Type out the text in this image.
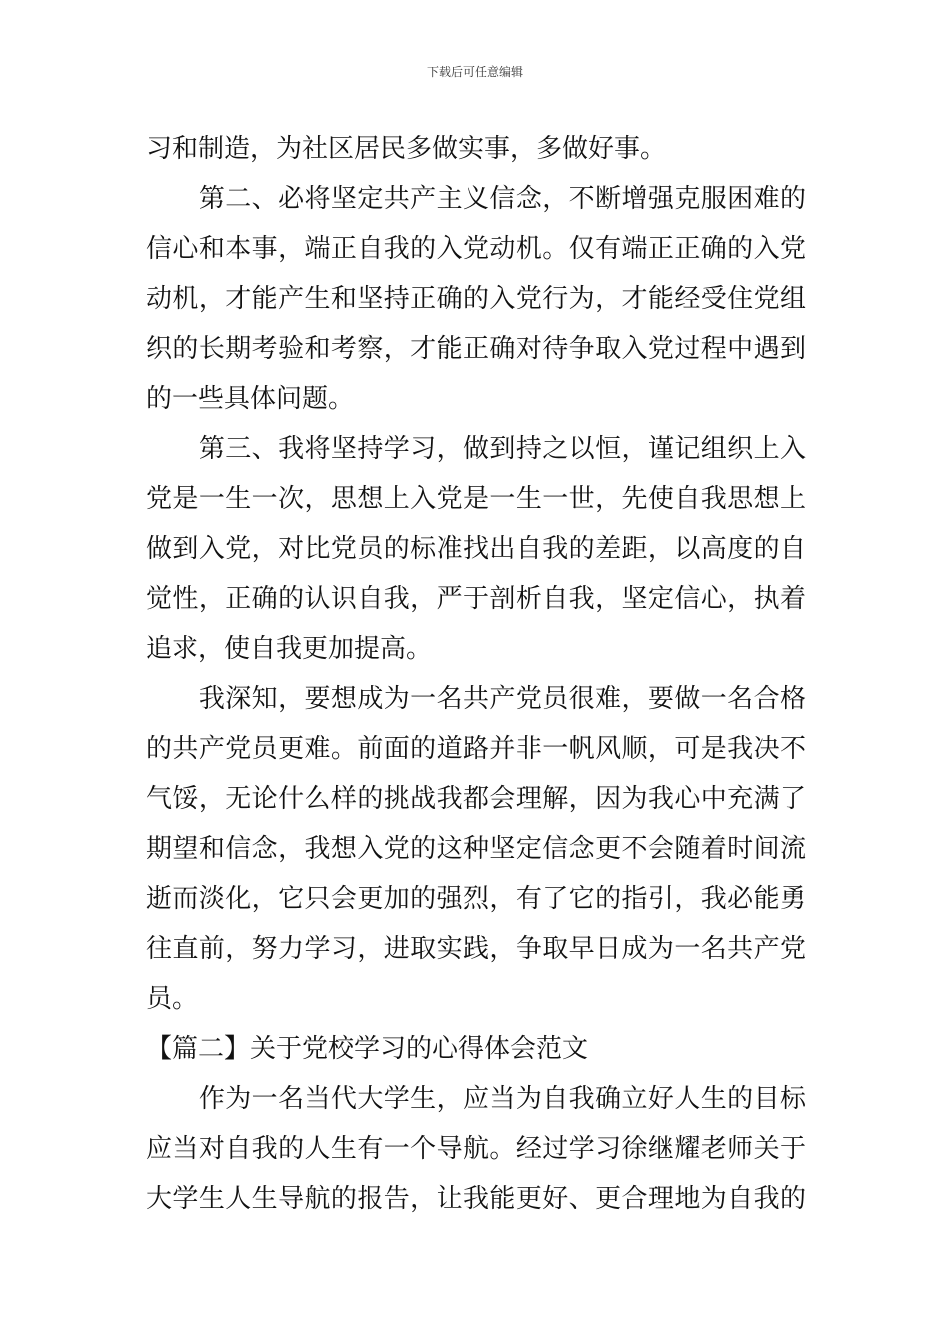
下载后可任意编辑
习和制造，为社区居民多做实事，多做好事。
　　第二、必将坚定共产主义信念，不断增强克服困难的
信心和本事，端正自我的入党动机。仅有端正正确的入党
动机，才能产生和坚持正确的入党行为，才能经受住党组
织的长期考验和考察，才能正确对待争取入党过程中遇到
的一些具体问题。
　　第三、我将坚持学习，做到持之以恒，谨记组织上入
党是一生一次，思想上入党是一生一世，先使自我思想上
做到入党，对比党员的标准找出自我的差距，以高度的自
觉性，正确的认识自我，严于剖析自我，坚定信心，执着
追求，使自我更加提高。
　　我深知，要想成为一名共产党员很难，要做一名合格
的共产党员更难。前面的道路并非一帆风顺，可是我决不
气馁，无论什么样的挑战我都会理解，因为我心中充满了
期望和信念，我想入党的这种坚定信念更不会随着时间流
逝而淡化，它只会更加的强烈，有了它的指引，我必能勇
往直前，努力学习，进取实践，争取早日成为一名共产党
员。
【篇二】关于党校学习的心得体会范文
　　作为一名当代大学生，应当为自我确立好人生的目标
应当对自我的人生有一个导航。经过学习徐继耀老师关于
大学生人生导航的报告，让我能更好、更合理地为自我的
